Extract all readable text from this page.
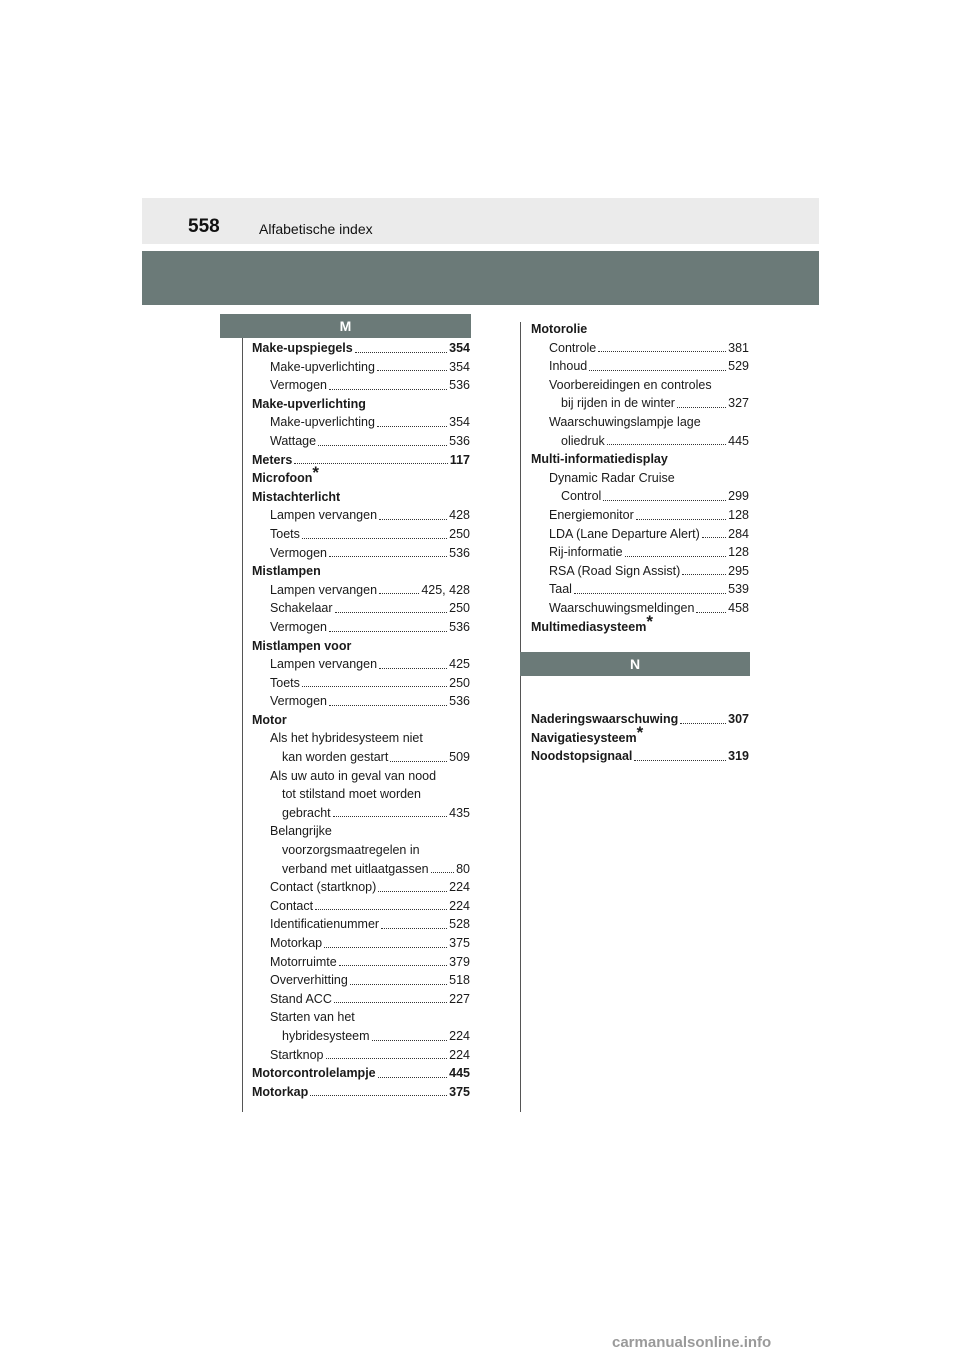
558	Alfabetische index
M
N
Make-upspiegels	354
Make-upverlichting	354
Vermogen	536
Make-upverlichting
Make-upverlichting	354
Wattage	536
Meters	117
Microfoon*
Mistachterlicht
Lampen vervangen	428
Toets	250
Vermogen	536
Mistlampen
Lampen vervangen	425, 428
Schakelaar	250
Vermogen	536
Mistlampen voor
Lampen vervangen	425
Toets	250
Vermogen	536
Motor
Als het hybridesysteem niet
kan worden gestart	509
Als uw auto in geval van nood
tot stilstand moet worden
gebracht	435
Belangrijke
voorzorgsmaatregelen in
verband met uitlaatgassen 80
Contact (startknop)	224
Contact	224
Identificatienummer	528
Motorkap	375
Motorruimte	379
Oververhitting	518
Stand ACC	227
Starten van het
hybridesysteem	224
Startknop	224
Motorcontrolelampje	445
Motorkap	375
Motorolie
Controle	381
Inhoud	529
Voorbereidingen en controles
bij rijden in de winter	327
Waarschuwingslampje lage
oliedruk	445
Multi-informatiedisplay
Dynamic Radar Cruise
Control	299
Energiemonitor	128
LDA (Lane Departure Alert) 284
Rij-informatie	128
RSA (Road Sign Assist)	295
Taal	539
Waarschuwingsmeldingen	458
Multimediasysteem*
Naderingswaarschuwing	307
Navigatiesysteem*
Noodstopsignaal	319
carmanualsonline.info
